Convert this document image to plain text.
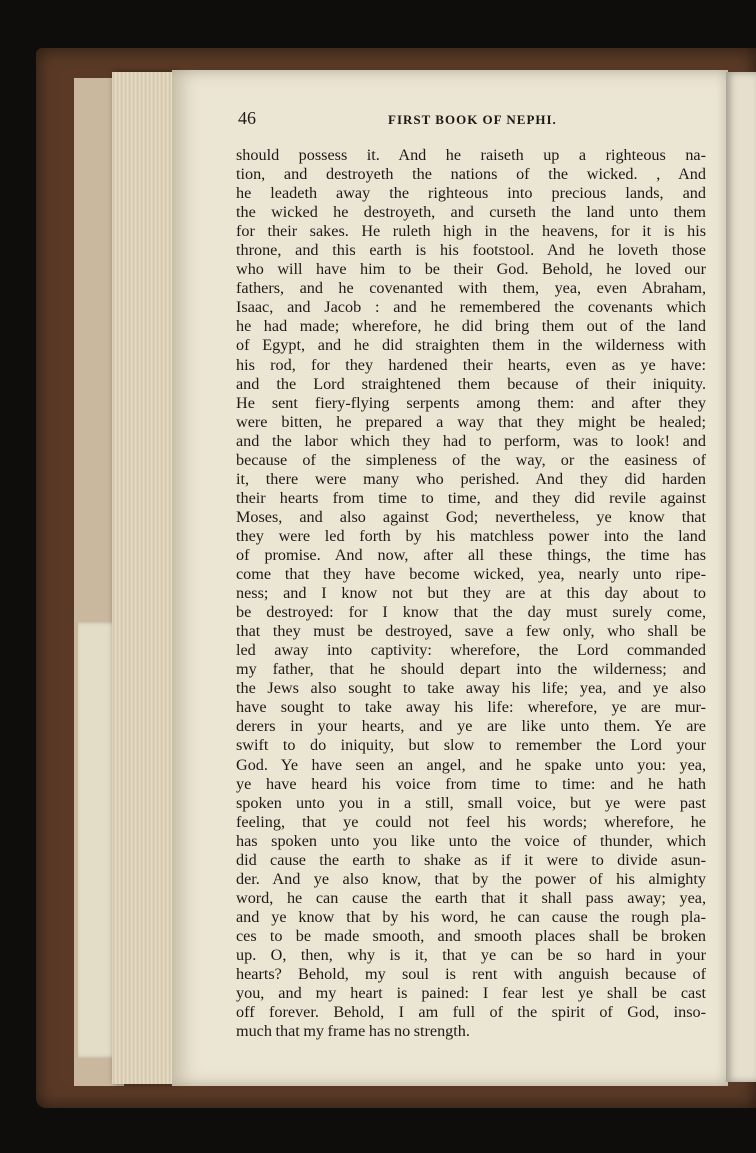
46	FIRST BOOK OF NEPHI.

should possess it. And he raiseth up a righteous na-
tion, and destroyeth the nations of the wicked. , And
he leadeth away the righteous into precious lands, and
the wicked he destroyeth, and curseth the land unto them
for their sakes. He ruleth high in the heavens, for it is his
throne, and this earth is his footstool. And he loveth those
who will have him to be their God. Behold, he loved our
fathers, and he covenanted with them, yea, even Abraham,
Isaac, and Jacob : and he remembered the covenants which
he had made; wherefore, he did bring them out of the land
of Egypt, and he did straighten them in the wilderness with
his rod, for they hardened their hearts, even as ye have:
and the Lord straightened them because of their iniquity.
He sent fiery-flying serpents among them: and after they
were bitten, he prepared a way that they might be healed;
and the labor which they had to perform, was to look! and
because of the simpleness of the way, or the easiness of
it, there were many who perished. And they did harden
their hearts from time to time, and they did revile against
Moses, and also against God; nevertheless, ye know that
they were led forth by his matchless power into the land
of promise. And now, after all these things, the time has
come that they have become wicked, yea, nearly unto ripe-
ness; and I know not but they are at this day about to
be destroyed: for I know that the day must surely come,
that they must be destroyed, save a few only, who shall be
led away into captivity: wherefore, the Lord commanded
my father, that he should depart into the wilderness; and
the Jews also sought to take away his life; yea, and ye also
have sought to take away his life: wherefore, ye are mur-
derers in your hearts, and ye are like unto them. Ye are
swift to do iniquity, but slow to remember the Lord your
God. Ye have seen an angel, and he spake unto you: yea,
ye have heard his voice from time to time: and he hath
spoken unto you in a still, small voice, but ye were past
feeling, that ye could not feel his words; wherefore, he
has spoken unto you like unto the voice of thunder, which
did cause the earth to shake as if it were to divide asun-
der. And ye also know, that by the power of his almighty
word, he can cause the earth that it shall pass away; yea,
and ye know that by his word, he can cause the rough pla-
ces to be made smooth, and smooth places shall be broken
up. O, then, why is it, that ye can be so hard in your
hearts? Behold, my soul is rent with anguish because of
you, and my heart is pained: I fear lest ye shall be cast
off forever. Behold, I am full of the spirit of God, inso-
much that my frame has no strength.
